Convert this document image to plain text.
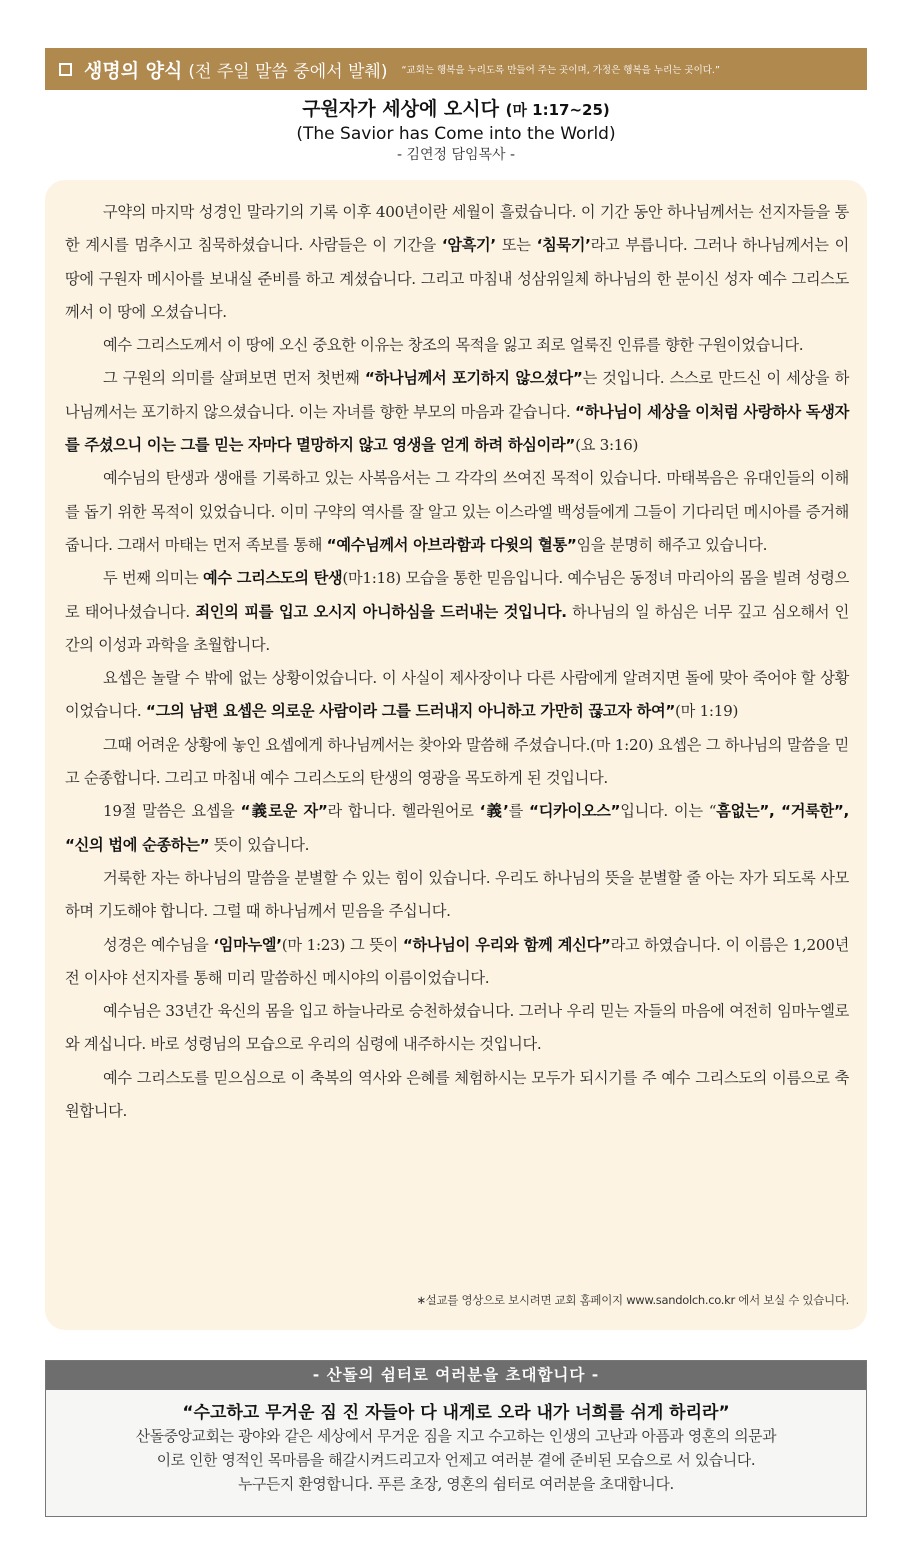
생명의 양식 (전 주일 말씀 중에서 발췌) “교회는 행복을 누리도록 만들어 주는 곳이며, 가정은 행복을 누리는 곳이다.”
구원자가 세상에 오시다 (마 1:17~25)
(The Savior has Come into the World)
- 김연정 담임목사 -

구약의 마지막 성경인 말라기의 기록 이후 400년이란 세월이 흘렀습니다. 이 기간 동안 하나님께서는 선지자들을 통한 계시를 멈추시고 침묵하셨습니다. 사람들은 이 기간을 ‘암흑기’ 또는 ‘침묵기’라고 부릅니다. 그러나 하나님께서는 이 땅에 구원자 메시아를 보내실 준비를 하고 계셨습니다. 그리고 마침내 성삼위일체 하나님의 한 분이신 성자 예수 그리스도께서 이 땅에 오셨습니다.

예수 그리스도께서 이 땅에 오신 중요한 이유는 창조의 목적을 잃고 죄로 얼룩진 인류를 향한 구원이었습니다.

그 구원의 의미를 살펴보면 먼저 첫번째 “하나님께서 포기하지 않으셨다”는 것입니다. 스스로 만드신 이 세상을 하나님께서는 포기하지 않으셨습니다. 이는 자녀를 향한 부모의 마음과 같습니다. “하나님이 세상을 이처럼 사랑하사 독생자를 주셨으니 이는 그를 믿는 자마다 멸망하지 않고 영생을 얻게 하려 하심이라”(요 3:16)

예수님의 탄생과 생애를 기록하고 있는 사복음서는 그 각각의 쓰여진 목적이 있습니다. 마태복음은 유대인들의 이해를 돕기 위한 목적이 있었습니다. 이미 구약의 역사를 잘 알고 있는 이스라엘 백성들에게 그들이 기다리던 메시아를 증거해 줍니다. 그래서 마태는 먼저 족보를 통해 “예수님께서 아브라함과 다윗의 혈통”임을 분명히 해주고 있습니다.

두 번째 의미는 예수 그리스도의 탄생(마1:18) 모습을 통한 믿음입니다. 예수님은 동정녀 마리아의 몸을 빌려 성령으로 태어나셨습니다. 죄인의 피를 입고 오시지 아니하심을 드러내는 것입니다. 하나님의 일 하심은 너무 깊고 심오해서 인간의 이성과 과학을 초월합니다.

요셉은 놀랄 수 밖에 없는 상황이었습니다. 이 사실이 제사장이나 다른 사람에게 알려지면 돌에 맞아 죽어야 할 상황이었습니다. “그의 남편 요셉은 의로운 사람이라 그를 드러내지 아니하고 가만히 끊고자 하여”(마 1:19)

그때 어려운 상황에 놓인 요셉에게 하나님께서는 찾아와 말씀해 주셨습니다.(마 1:20) 요셉은 그 하나님의 말씀을 믿고 순종합니다. 그리고 마침내 예수 그리스도의 탄생의 영광을 목도하게 된 것입니다.

19절 말씀은 요셉을 “義로운 자”라 합니다. 헬라원어로 ‘義’를 “디카이오스”입니다. 이는 “흠없는”, “거룩한”, “신의 법에 순종하는” 뜻이 있습니다.

거룩한 자는 하나님의 말씀을 분별할 수 있는 힘이 있습니다. 우리도 하나님의 뜻을 분별할 줄 아는 자가 되도록 사모하며 기도해야 합니다. 그럴 때 하나님께서 믿음을 주십니다.

성경은 예수님을 ‘임마누엘’(마 1:23) 그 뜻이 “하나님이 우리와 함께 계신다”라고 하였습니다. 이 이름은 1,200년 전 이사야 선지자를 통해 미리 말씀하신 메시야의 이름이었습니다.

예수님은 33년간 육신의 몸을 입고 하늘나라로 승천하셨습니다. 그러나 우리 믿는 자들의 마음에 여전히 임마누엘로 와 계십니다. 바로 성령님의 모습으로 우리의 심령에 내주하시는 것입니다.

예수 그리스도를 믿으심으로 이 축복의 역사와 은혜를 체험하시는 모두가 되시기를 주 예수 그리스도의 이름으로 축원합니다.

∗설교를 영상으로 보시려면 교회 홈페이지 www.sandolch.co.kr 에서 보실 수 있습니다.
- 산돌의 쉼터로 여러분을 초대합니다 -
“수고하고 무거운 짐 진 자들아 다 내게로 오라 내가 너희를 쉬게 하리라”
산돌중앙교회는 광야와 같은 세상에서 무거운 짐을 지고 수고하는 인생의 고난과 아픔과 영혼의 의문과
이로 인한 영적인 목마름을 해갈시켜드리고자 언제고 여러분 곁에 준비된 모습으로 서 있습니다.
누구든지 환영합니다. 푸른 초장, 영혼의 쉼터로 여러분을 초대합니다.
